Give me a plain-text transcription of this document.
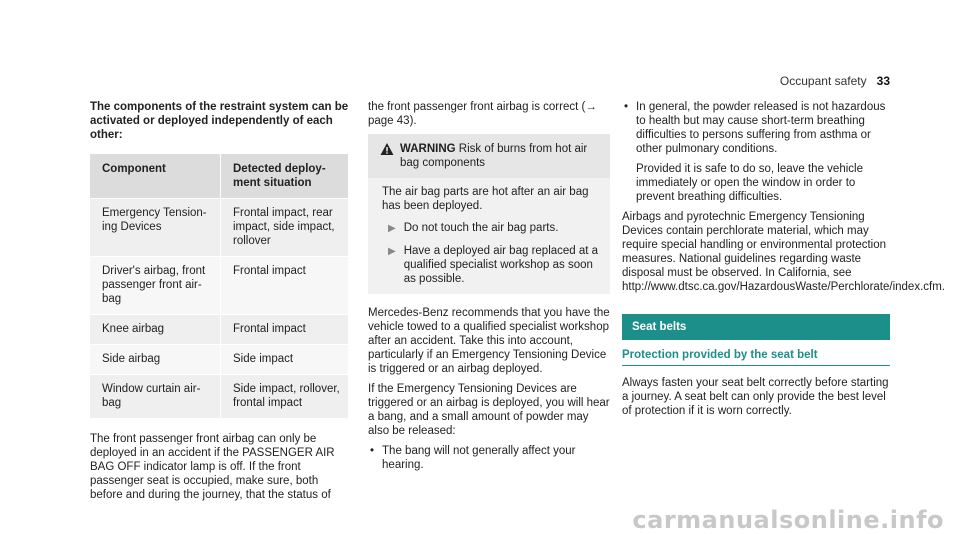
Occupant safety 33

The components of the restraint system can be activated or deployed independently of each other:

Component	Detected deploy-
ment situation
Emergency Tension-
ing Devices	Frontal impact, rear impact, side impact, rollover
Driver's airbag, front passenger front air-
bag	Frontal impact
Knee airbag	Frontal impact
Side airbag	Side impact
Window curtain air-
bag	Side impact, rollover, frontal impact

The front passenger front airbag can only be deployed in an accident if the PASSENGER AIR BAG OFF indicator lamp is off. If the front passenger seat is occupied, make sure, both before and during the journey, that the status of

the front passenger front airbag is correct (→ page 43).

WARNING Risk of burns from hot air bag components
The air bag parts are hot after an air bag has been deployed.
▶ Do not touch the air bag parts.
▶ Have a deployed air bag replaced at a qualified specialist workshop as soon as possible.

Mercedes-Benz recommends that you have the vehicle towed to a qualified specialist workshop after an accident. Take this into account, particularly if an Emergency Tensioning Device is triggered or an airbag deployed.

If the Emergency Tensioning Devices are triggered or an airbag is deployed, you will hear a bang, and a small amount of powder may also be released:

• The bang will not generally affect your hearing.
• In general, the powder released is not hazardous to health but may cause short-term breathing difficulties to persons suffering from asthma or other pulmonary conditions.
Provided it is safe to do so, leave the vehicle immediately or open the window in order to prevent breathing difficulties.

Airbags and pyrotechnic Emergency Tensioning Devices contain perchlorate material, which may require special handling or environmental protection measures. National guidelines regarding waste disposal must be observed. In California, see http://www.dtsc.ca.gov/HazardousWaste/Perchlorate/index.cfm.

Seat belts
Protection provided by the seat belt

Always fasten your seat belt correctly before starting a journey. A seat belt can only provide the best level of protection if it is worn correctly.

carmanualsonline.info
